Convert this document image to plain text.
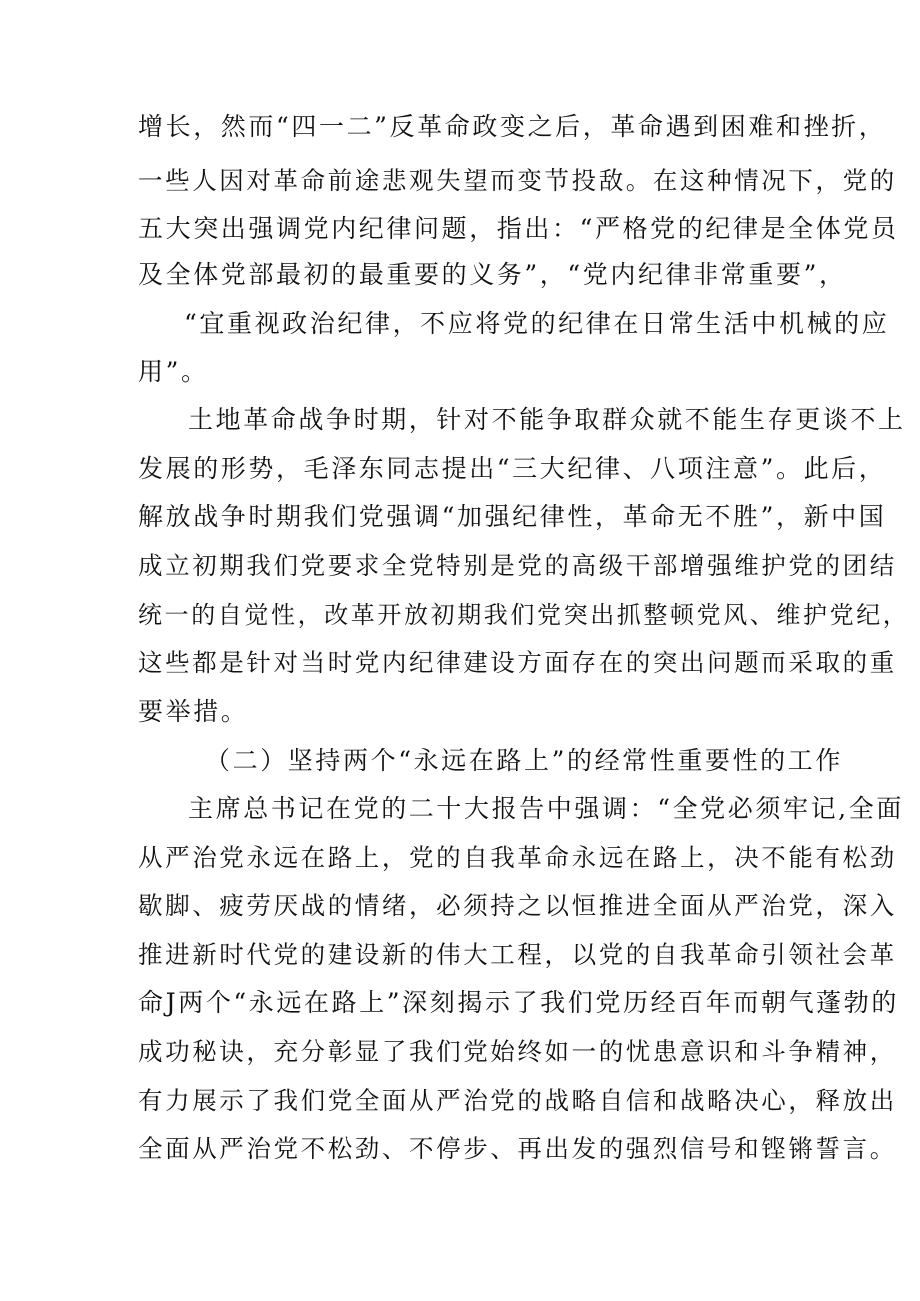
增长，然而“四一二”反革命政变之后，革命遇到困难和挫折，
一些人因对革命前途悲观失望而变节投敌。在这种情况下，党的
五大突出强调党内纪律问题，指出：“严格党的纪律是全体党员
及全体党部最初的最重要的义务”，“党内纪律非常重要”，
“宜重视政治纪律，不应将党的纪律在日常生活中机械的应
用”。
土地革命战争时期，针对不能争取群众就不能生存更谈不上
发展的形势，毛泽东同志提出“三大纪律、八项注意”。此后，
解放战争时期我们党强调“加强纪律性，革命无不胜”，新中国
成立初期我们党要求全党特别是党的高级干部增强维护党的团结
统一的自觉性，改革开放初期我们党突出抓整顿党风、维护党纪，
这些都是针对当时党内纪律建设方面存在的突出问题而采取的重
要举措。
（二）坚持两个“永远在路上”的经常性重要性的工作
主席总书记在党的二十大报告中强调：“全党必须牢记,全面
从严治党永远在路上，党的自我革命永远在路上，决不能有松劲
歇脚、疲劳厌战的情绪，必须持之以恒推进全面从严治党，深入
推进新时代党的建设新的伟大工程，以党的自我革命引领社会革
命J两个“永远在路上”深刻揭示了我们党历经百年而朝气蓬勃的
成功秘诀，充分彰显了我们党始终如一的忧患意识和斗争精神，
有力展示了我们党全面从严治党的战略自信和战略决心，释放出
全面从严治党不松劲、不停步、再出发的强烈信号和铿锵誓言。
